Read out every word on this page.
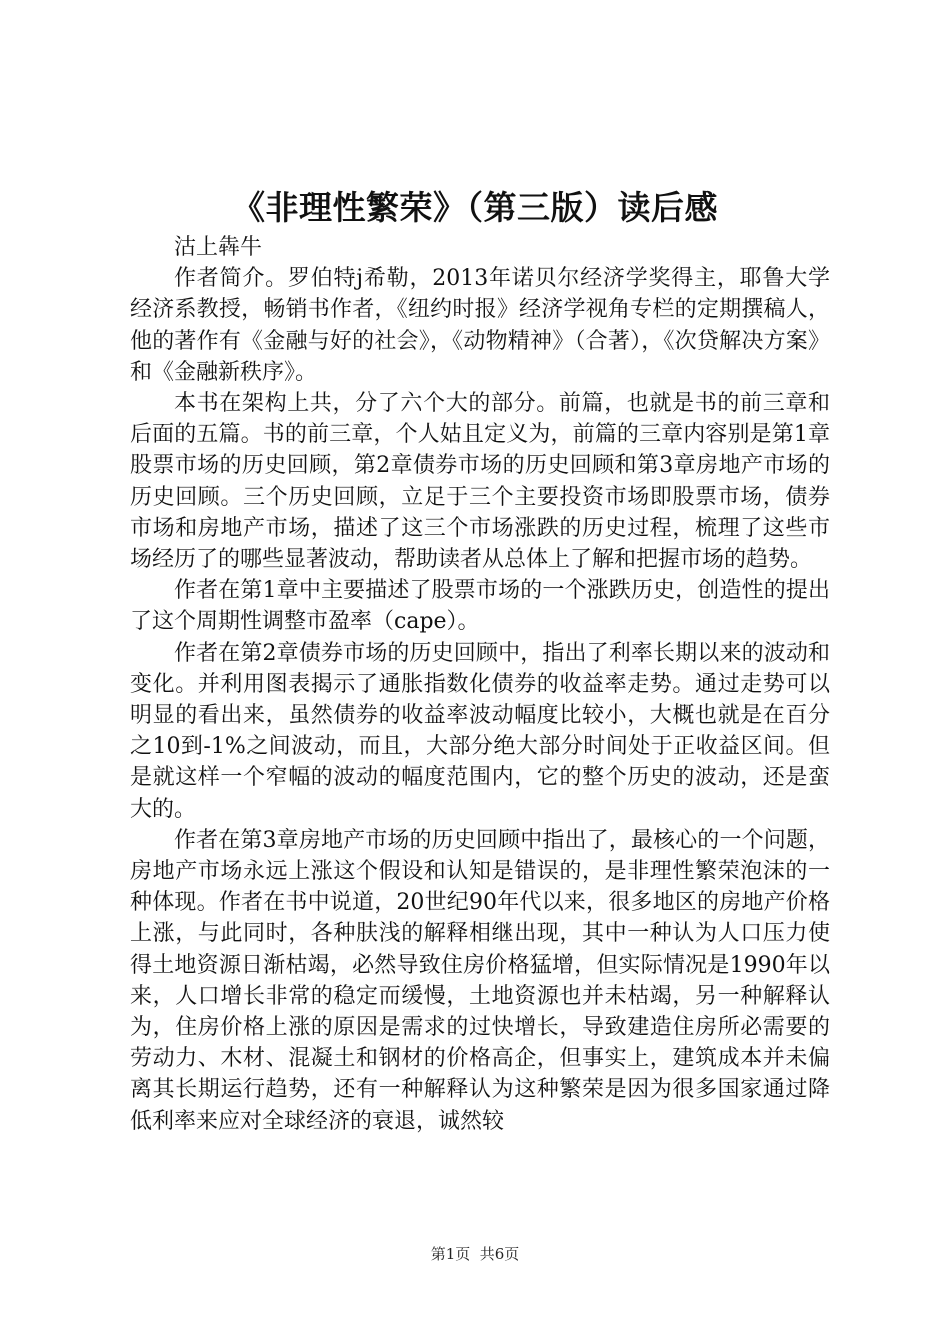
《非理性繁荣》（第三版）读后感

沽上犇牛

作者简介。罗伯特j希勒，2013年诺贝尔经济学奖得主，耶鲁大学经济系教授，畅销书作者，《纽约时报》经济学视角专栏的定期撰稿人，他的著作有《金融与好的社会》，《动物精神》（合著），《次贷解决方案》和《金融新秩序》。

本书在架构上共，分了六个大的部分。前篇，也就是书的前三章和后面的五篇。书的前三章，个人姑且定义为，前篇的三章内容别是第1章股票市场的历史回顾，第2章债券市场的历史回顾和第3章房地产市场的历史回顾。三个历史回顾，立足于三个主要投资市场即股票市场，债券市场和房地产市场，描述了这三个市场涨跌的历史过程，梳理了这些市场经历了的哪些显著波动，帮助读者从总体上了解和把握市场的趋势。

作者在第1章中主要描述了股票市场的一个涨跌历史，创造性的提出了这个周期性调整市盈率（cape）。

作者在第2章债券市场的历史回顾中，指出了利率长期以来的波动和变化。并利用图表揭示了通胀指数化债券的收益率走势。通过走势可以明显的看出来，虽然债券的收益率波动幅度比较小，大概也就是在百分之10到-1%之间波动，而且，大部分绝大部分时间处于正收益区间。但是就这样一个窄幅的波动的幅度范围内，它的整个历史的波动，还是蛮大的。

作者在第3章房地产市场的历史回顾中指出了，最核心的一个问题，房地产市场永远上涨这个假设和认知是错误的，是非理性繁荣泡沫的一种体现。作者在书中说道，20世纪90年代以来，很多地区的房地产价格上涨，与此同时，各种肤浅的解释相继出现，其中一种认为人口压力使得土地资源日渐枯竭，必然导致住房价格猛增，但实际情况是1990年以来，人口增长非常的稳定而缓慢，土地资源也并未枯竭，另一种解释认为，住房价格上涨的原因是需求的过快增长，导致建造住房所必需要的劳动力、木材、混凝土和钢材的价格高企，但事实上，建筑成本并未偏离其长期运行趋势，还有一种解释认为这种繁荣是因为很多国家通过降低利率来应对全球经济的衰退，诚然较

第1页  共6页
